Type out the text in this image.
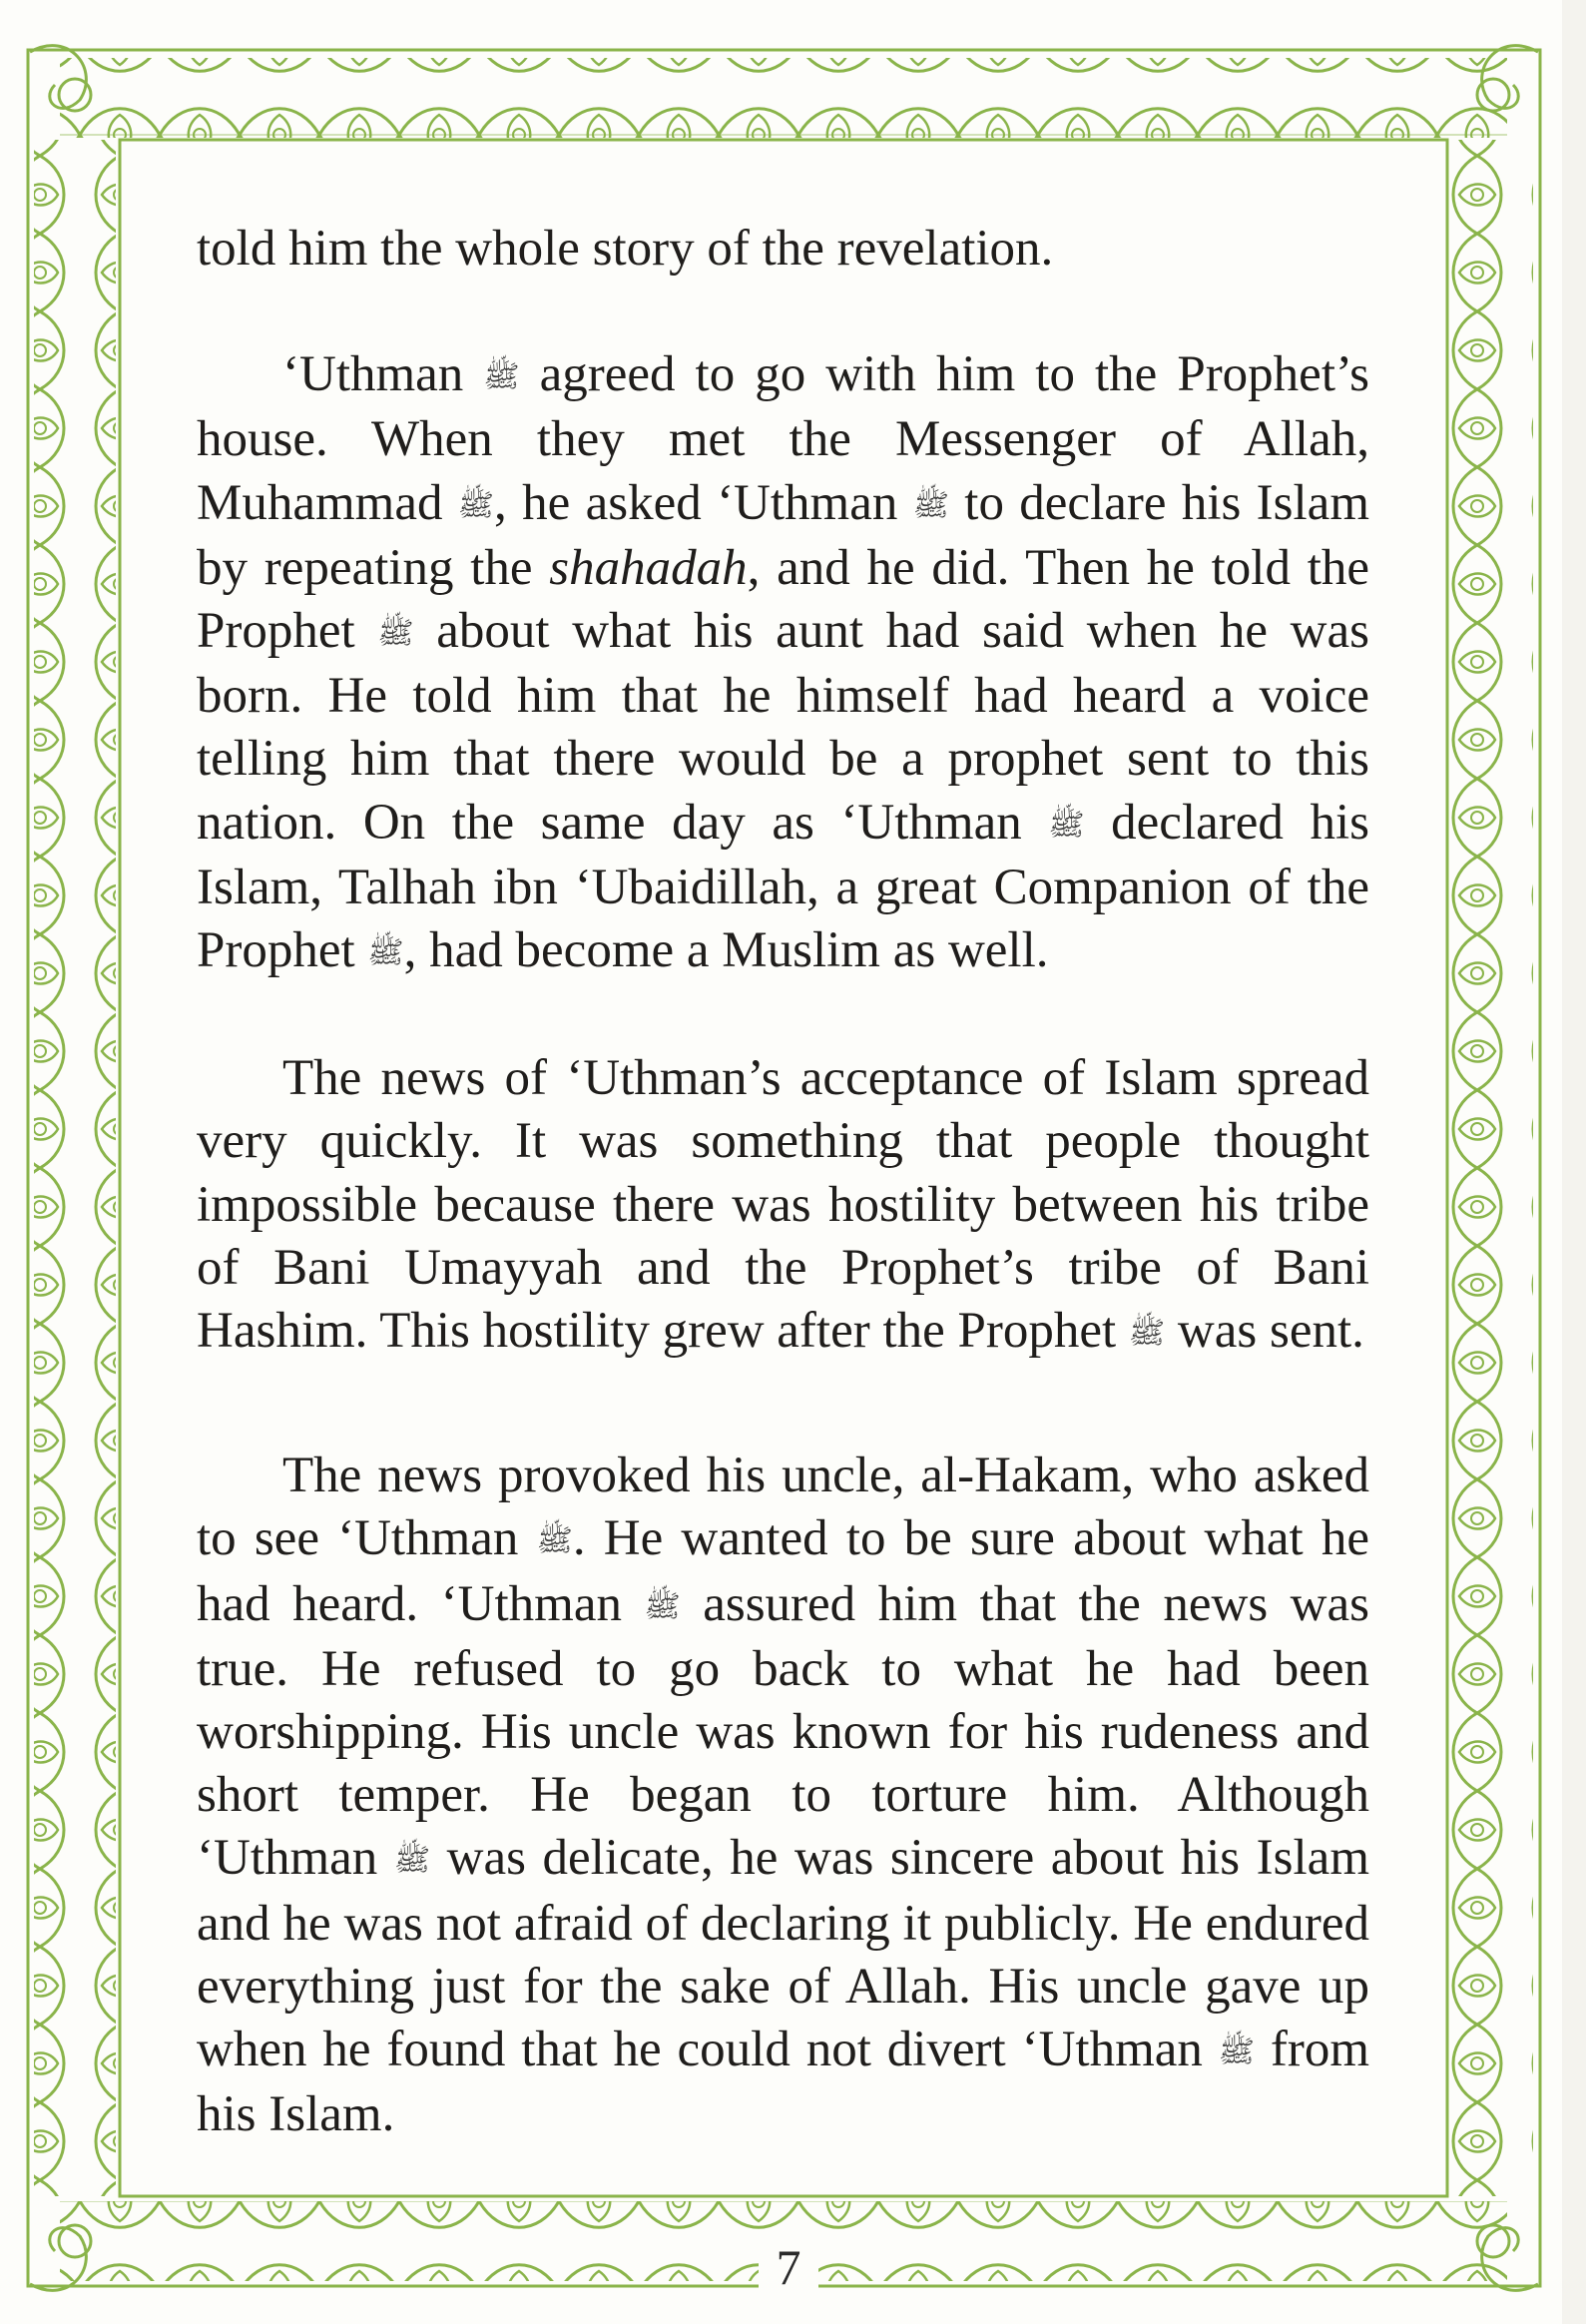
told him the whole story of the revelation.

‘Uthman ﷺ agreed to go with him to the Prophet’s house. When they met the Messenger of Allah, Muhammad ﷺ, he asked ‘Uthman ﷺ to declare his Islam by repeating the shahadah, and he did. Then he told the Prophet ﷺ about what his aunt had said when he was born. He told him that he himself had heard a voice telling him that there would be a prophet sent to this nation. On the same day as ‘Uthman ﷺ declared his Islam, Talhah ibn ‘Ubaidillah, a great Companion of the Prophet ﷺ, had become a Muslim as well.

The news of ‘Uthman’s acceptance of Islam spread very quickly. It was something that people thought impossible because there was hostility between his tribe of Bani Umayyah and the Prophet’s tribe of Bani Hashim. This hostility grew after the Prophet ﷺ was sent.

The news provoked his uncle, al-Hakam, who asked to see ‘Uthman ﷺ. He wanted to be sure about what he had heard. ‘Uthman ﷺ assured him that the news was true. He refused to go back to what he had been worshipping. His uncle was known for his rudeness and short temper. He began to torture him. Although ‘Uthman ﷺ was delicate, he was sincere about his Islam and he was not afraid of declaring it publicly. He endured everything just for the sake of Allah. His uncle gave up when he found that he could not divert ‘Uthman ﷺ from his Islam.

7
